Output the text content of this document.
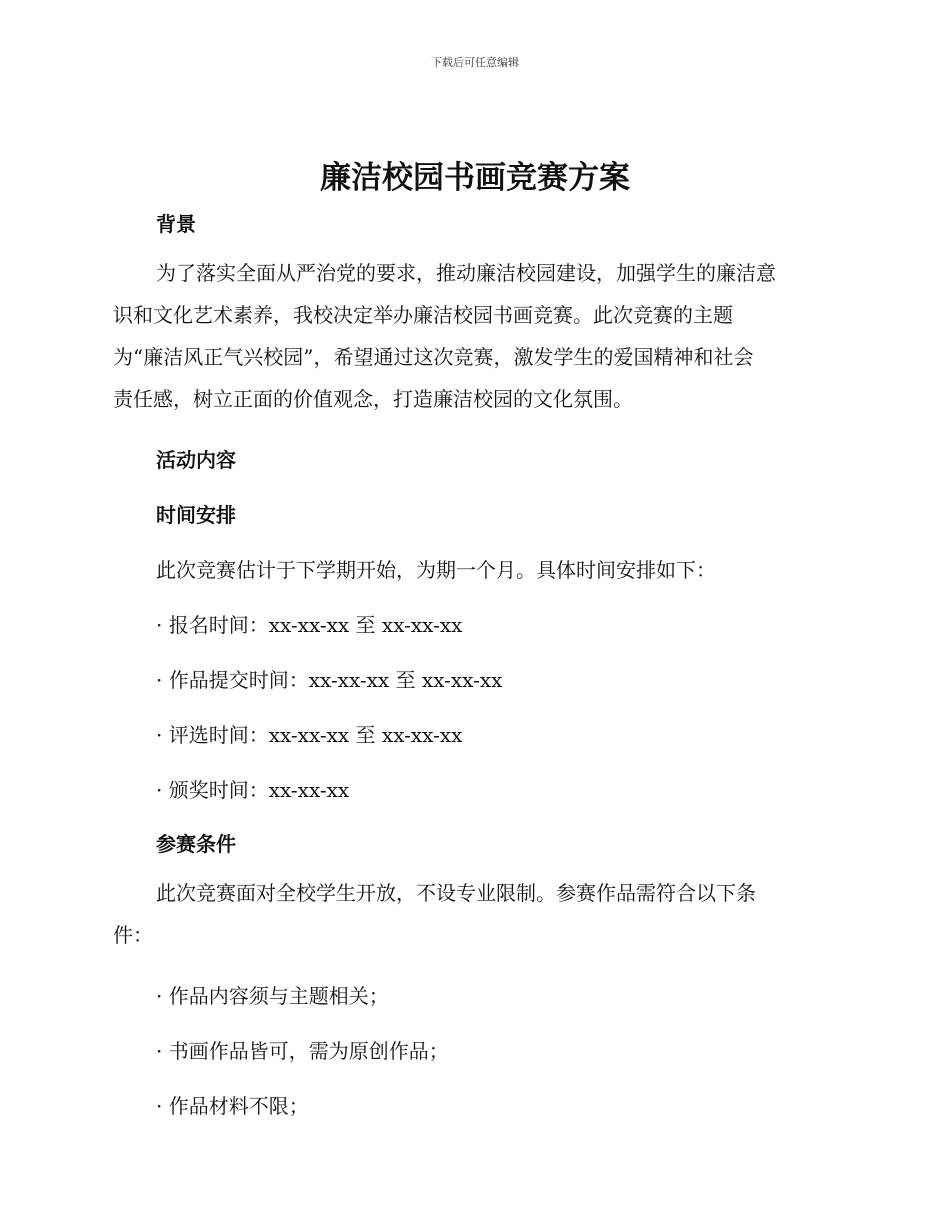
下载后可任意编辑
廉洁校园书画竞赛方案
背景
为了落实全面从严治党的要求，推动廉洁校园建设，加强学生的廉洁意
识和文化艺术素养，我校决定举办廉洁校园书画竞赛。此次竞赛的主题
为“廉洁风正气兴校园”，希望通过这次竞赛，激发学生的爱国精神和社会
责任感，树立正面的价值观念，打造廉洁校园的文化氛围。
活动内容
时间安排
此次竞赛估计于下学期开始，为期一个月。具体时间安排如下：
· 报名时间：xx-xx-xx 至 xx-xx-xx
· 作品提交时间：xx-xx-xx 至 xx-xx-xx
· 评选时间：xx-xx-xx 至 xx-xx-xx
· 颁奖时间：xx-xx-xx
参赛条件
此次竞赛面对全校学生开放，不设专业限制。参赛作品需符合以下条
件：
· 作品内容须与主题相关；
· 书画作品皆可，需为原创作品；
· 作品材料不限；
